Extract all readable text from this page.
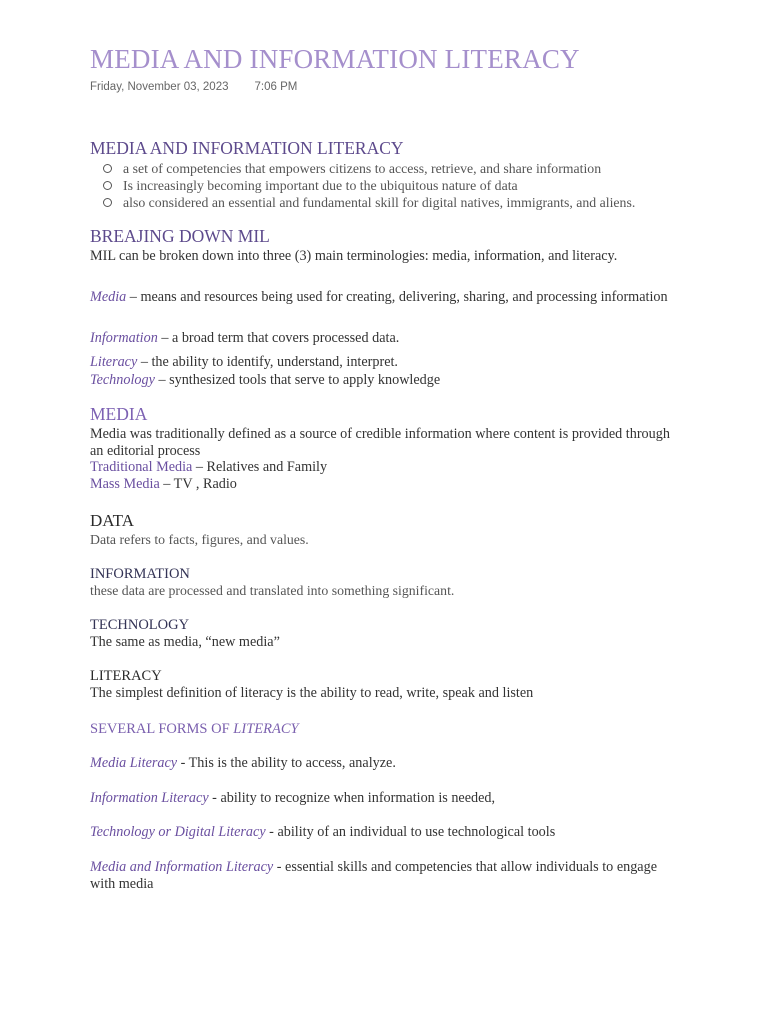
MEDIA AND INFORMATION LITERACY
Friday, November 03, 2023 7:06 PM
MEDIA AND INFORMATION LITERACY
a set of competencies that empowers citizens to access, retrieve, and share information
Is increasingly becoming important due to the ubiquitous nature of data
also considered an essential and fundamental skill for digital natives, immigrants, and aliens.
BREAJING DOWN MIL
MIL can be broken down into three (3) main terminologies: media, information, and literacy.
Media – means and resources being used for creating, delivering, sharing, and processing information
Information – a broad term that covers processed data.
Literacy – the ability to identify, understand, interpret.
Technology – synthesized tools that serve to apply knowledge
MEDIA
Media was traditionally defined as a source of credible information where content is provided through an editorial process
Traditional Media – Relatives and Family
Mass Media – TV , Radio
DATA
Data refers to facts, figures, and values.
INFORMATION
these data are processed and translated into something significant.
TECHNOLOGY
The same as media, “new media”
LITERACY
The simplest definition of literacy is the ability to read, write, speak and listen
SEVERAL FORMS OF LITERACY
Media Literacy - This is the ability to access, analyze.
Information Literacy - ability to recognize when information is needed,
Technology or Digital Literacy - ability of an individual to use technological tools
Media and Information Literacy - essential skills and competencies that allow individuals to engage with media
